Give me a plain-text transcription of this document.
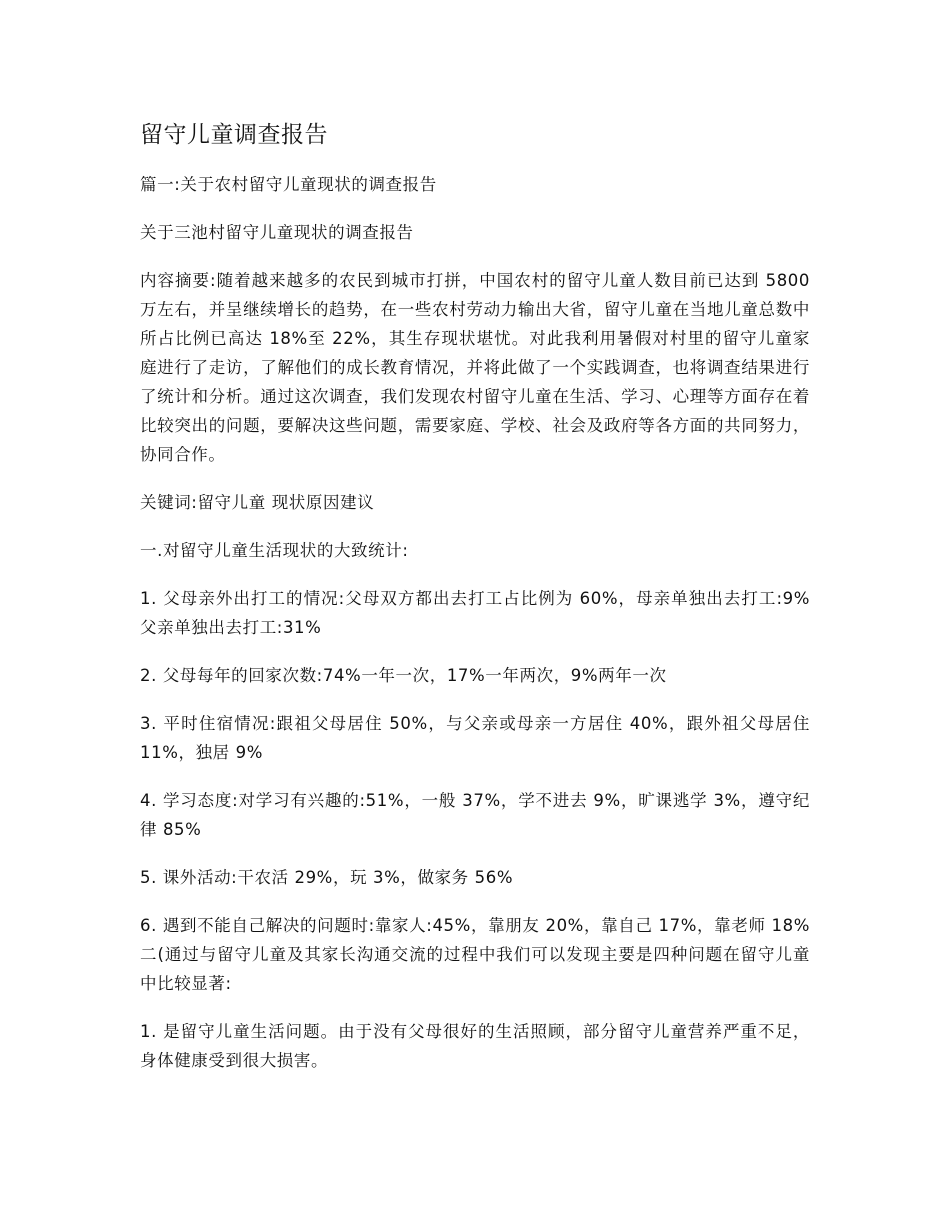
留守儿童调查报告

篇一:关于农村留守儿童现状的调查报告

关于三池村留守儿童现状的调查报告

内容摘要:随着越来越多的农民到城市打拼，中国农村的留守儿童人数目前已达到 5800 万左右，并呈继续增长的趋势，在一些农村劳动力输出大省，留守儿童在当地儿童总数中所占比例已高达 18%至 22%，其生存现状堪忧。对此我利用暑假对村里的留守儿童家庭进行了走访，了解他们的成长教育情况，并将此做了一个实践调查，也将调查结果进行了统计和分析。通过这次调查，我们发现农村留守儿童在生活、学习、心理等方面存在着比较突出的问题，要解决这些问题，需要家庭、学校、社会及政府等各方面的共同努力，协同合作。

关键词:留守儿童 现状原因建议

一.对留守儿童生活现状的大致统计:

1. 父母亲外出打工的情况:父母双方都出去打工占比例为 60%，母亲单独出去打工:9%父亲单独出去打工:31%

2. 父母每年的回家次数:74%一年一次，17%一年两次，9%两年一次

3. 平时住宿情况:跟祖父母居住 50%，与父亲或母亲一方居住 40%，跟外祖父母居住 11%，独居 9%

4. 学习态度:对学习有兴趣的:51%，一般 37%，学不进去 9%，旷课逃学 3%，遵守纪律 85%

5. 课外活动:干农活 29%，玩 3%，做家务 56%

6. 遇到不能自己解决的问题时:靠家人:45%，靠朋友 20%，靠自己 17%，靠老师 18% 二(通过与留守儿童及其家长沟通交流的过程中我们可以发现主要是四种问题在留守儿童中比较显著:

1. 是留守儿童生活问题。由于没有父母很好的生活照顾，部分留守儿童营养严重不足，身体健康受到很大损害。
